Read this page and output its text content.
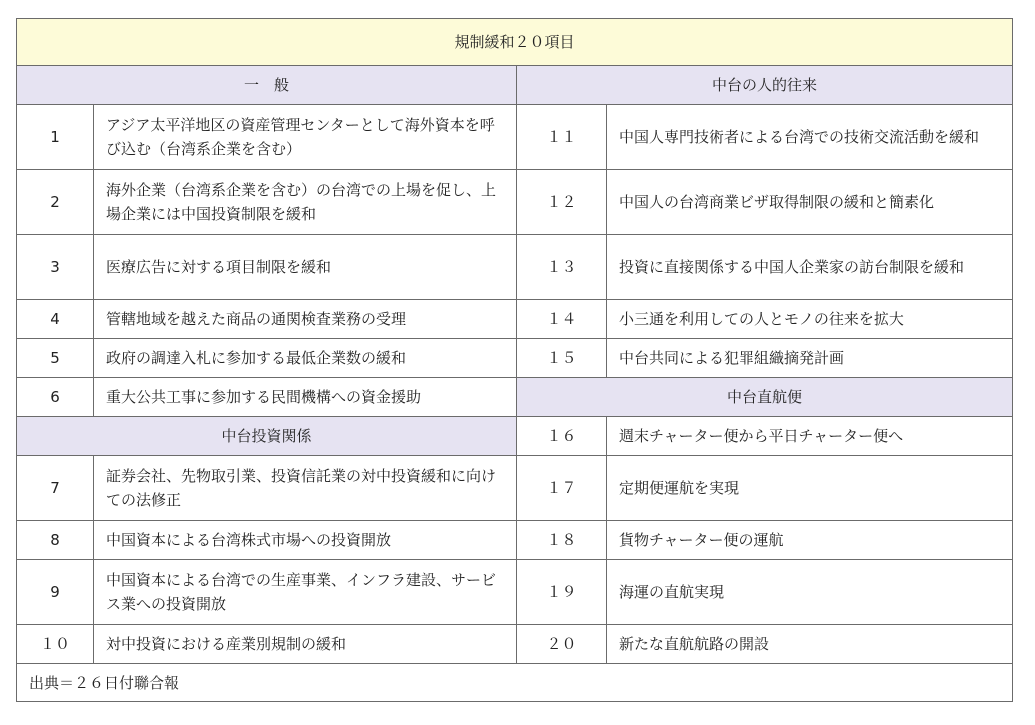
規制緩和２０項目			
一　般		中台の人的往来	
1	アジア太平洋地区の資産管理センターとして海外資本を呼び込む（台湾系企業を含む）	１１	中国人専門技術者による台湾での技術交流活動を緩和
2	海外企業（台湾系企業を含む）の台湾での上場を促し、上場企業には中国投資制限を緩和	１２	中国人の台湾商業ビザ取得制限の緩和と簡素化
3	医療広告に対する項目制限を緩和	１３	投資に直接関係する中国人企業家の訪台制限を緩和
4	管轄地域を越えた商品の通関検査業務の受理	１４	小三通を利用しての人とモノの往来を拡大
5	政府の調達入札に参加する最低企業数の緩和	１５	中台共同による犯罪組織摘発計画
6	重大公共工事に参加する民間機構への資金援助	中台直航便	
中台投資関係		１６	週末チャーター便から平日チャーター便へ
7	証券会社、先物取引業、投資信託業の対中投資緩和に向けての法修正	１７	定期便運航を実現
8	中国資本による台湾株式市場への投資開放	１８	貨物チャーター便の運航
9	中国資本による台湾での生産事業、インフラ建設、サービス業への投資開放	１９	海運の直航実現
１０	対中投資における産業別規制の緩和	２０	新たな直航航路の開設
出典＝２６日付聯合報			
